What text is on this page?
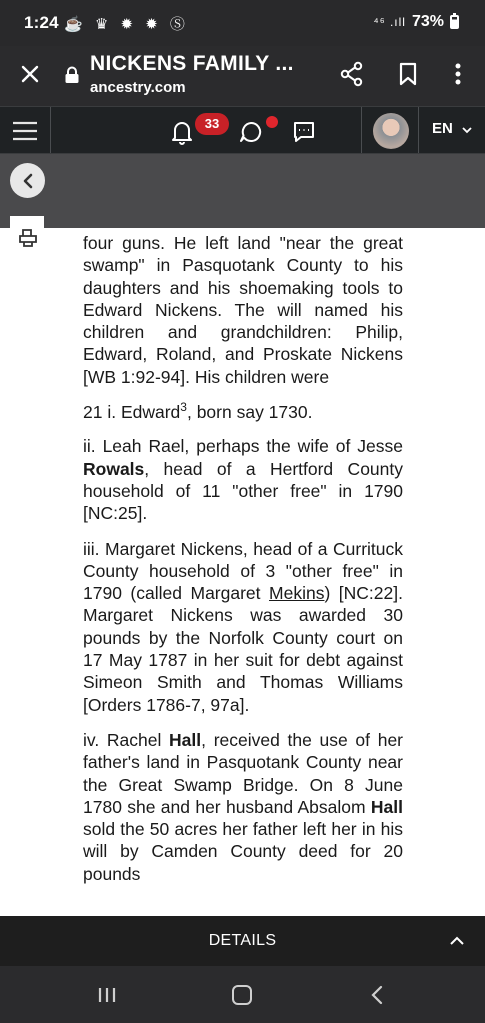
1:24 ☕ ♛ ✹ ✹ Ⓢ	⁴⁶ .ıll 73%
NICKENS FAMILY ...
ancestry.com
33	EN

four guns. He left land "near the great swamp" in Pasquotank County to his daughters and his shoemaking tools to Edward Nickens. The will named his children and grandchildren: Philip, Edward, Roland, and Proskate Nickens [WB 1:92-94]. His children were

21 i. Edward$^3$, born say 1730.

ii. Leah Rael, perhaps the wife of Jesse Rowals, head of a Hertford County household of 11 "other free" in 1790 [NC:25].

iii. Margaret Nickens, head of a Currituck County household of 3 "other free" in 1790 (called Margaret Mekins) [NC:22]. Margaret Nickens was awarded 30 pounds by the Norfolk County court on 17 May 1787 in her suit for debt against Simeon Smith and Thomas Williams [Orders 1786-7, 97a].

iv. Rachel Hall, received the use of her father's land in Pasquotank County near the Great Swamp Bridge. On 8 June 1780 she and her husband Absalom Hall sold the 50 acres her father left her in his will by Camden County deed for 20 pounds

DETAILS
